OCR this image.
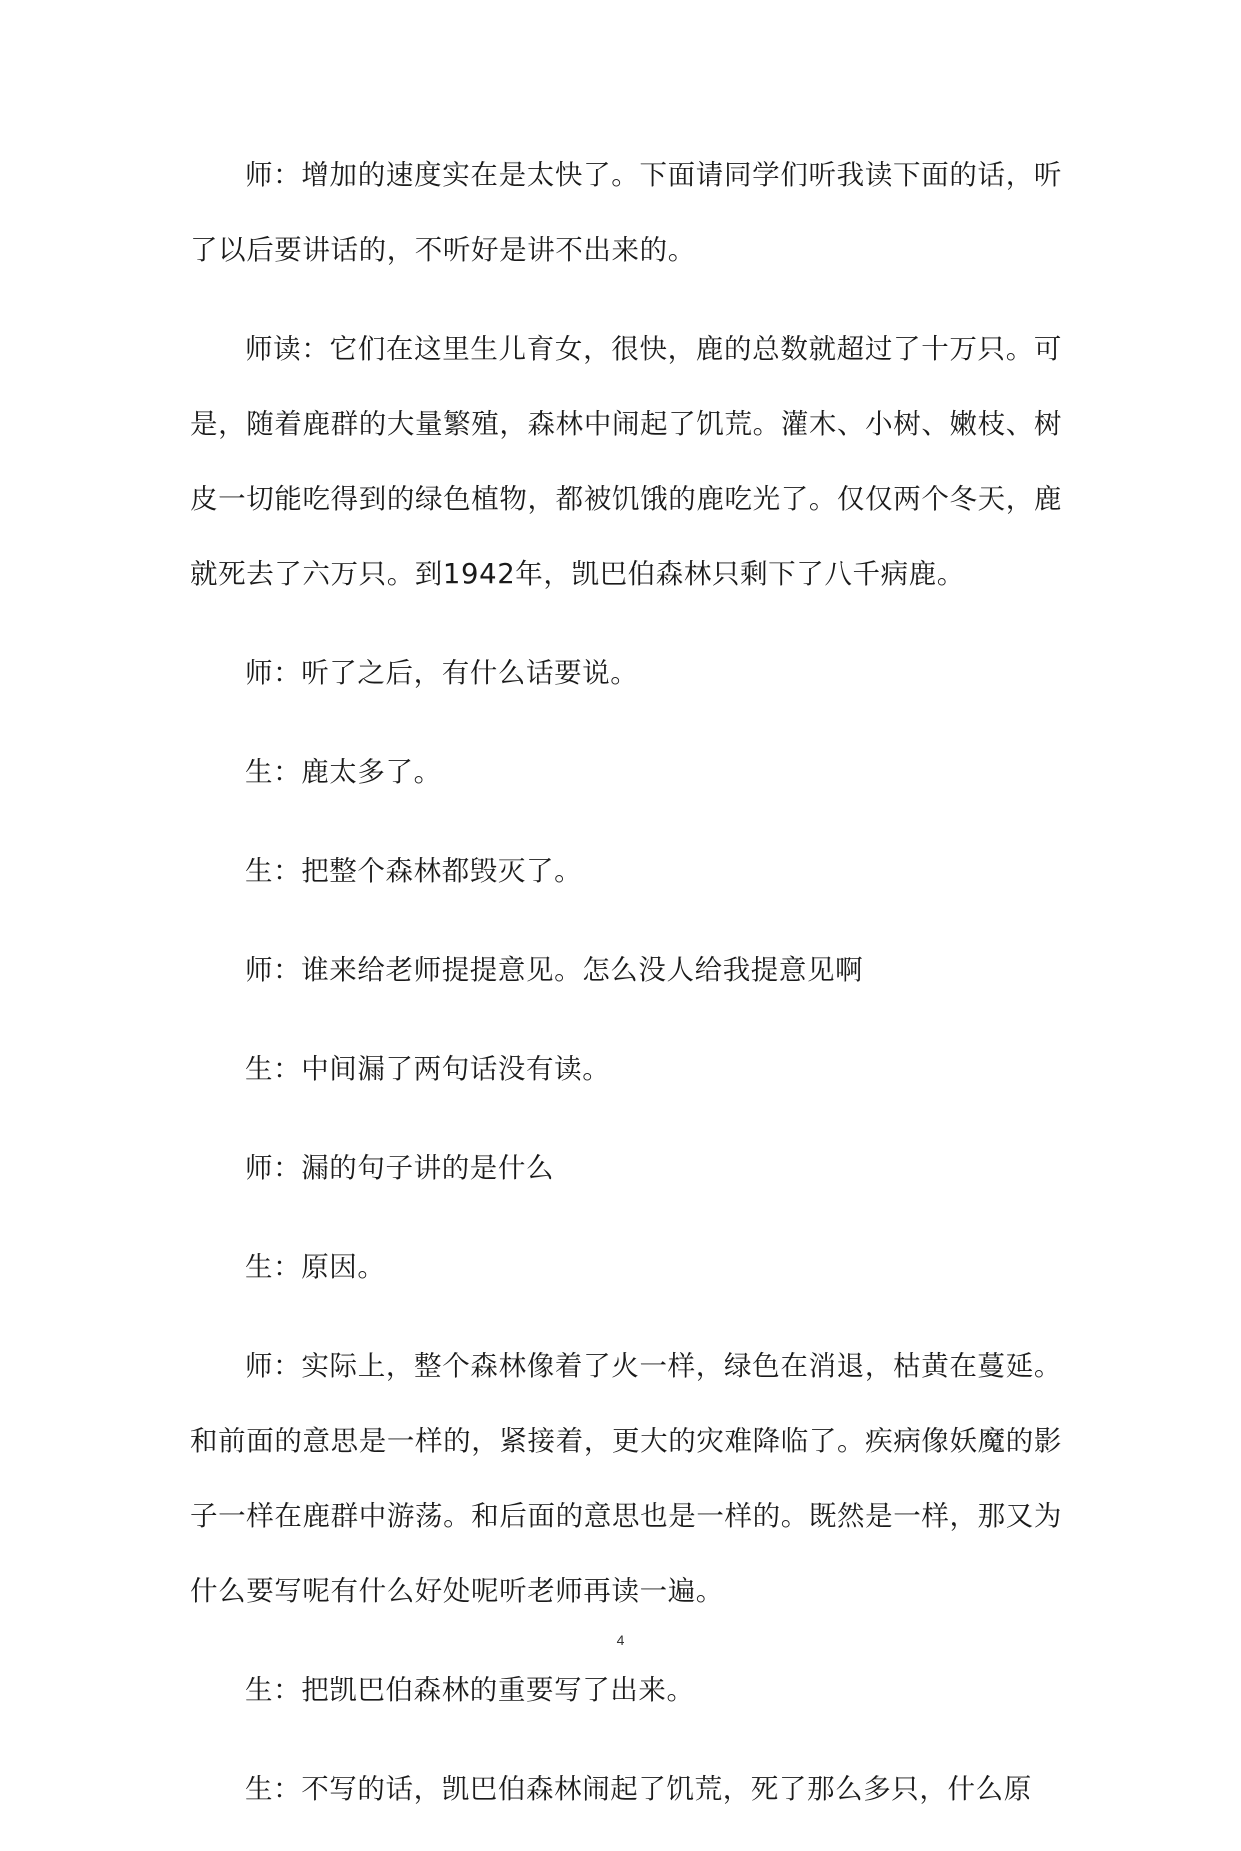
师：增加的速度实在是太快了。下面请同学们听我读下面的话，听了以后要讲话的，不听好是讲不出来的。

师读：它们在这里生儿育女，很快，鹿的总数就超过了十万只。可是，随着鹿群的大量繁殖，森林中闹起了饥荒。灌木、小树、嫩枝、树皮一切能吃得到的绿色植物，都被饥饿的鹿吃光了。仅仅两个冬天，鹿就死去了六万只。到1942年，凯巴伯森林只剩下了八千病鹿。

师：听了之后，有什么话要说。

生：鹿太多了。

生：把整个森林都毁灭了。

师：谁来给老师提提意见。怎么没人给我提意见啊

生：中间漏了两句话没有读。

师：漏的句子讲的是什么

生：原因。

师：实际上，整个森林像着了火一样，绿色在消退，枯黄在蔓延。和前面的意思是一样的，紧接着，更大的灾难降临了。疾病像妖魔的影子一样在鹿群中游荡。和后面的意思也是一样的。既然是一样，那又为什么要写呢有什么好处呢听老师再读一遍。

生：把凯巴伯森林的重要写了出来。

生：不写的话，凯巴伯森林闹起了饥荒，死了那么多只，什么原

4
